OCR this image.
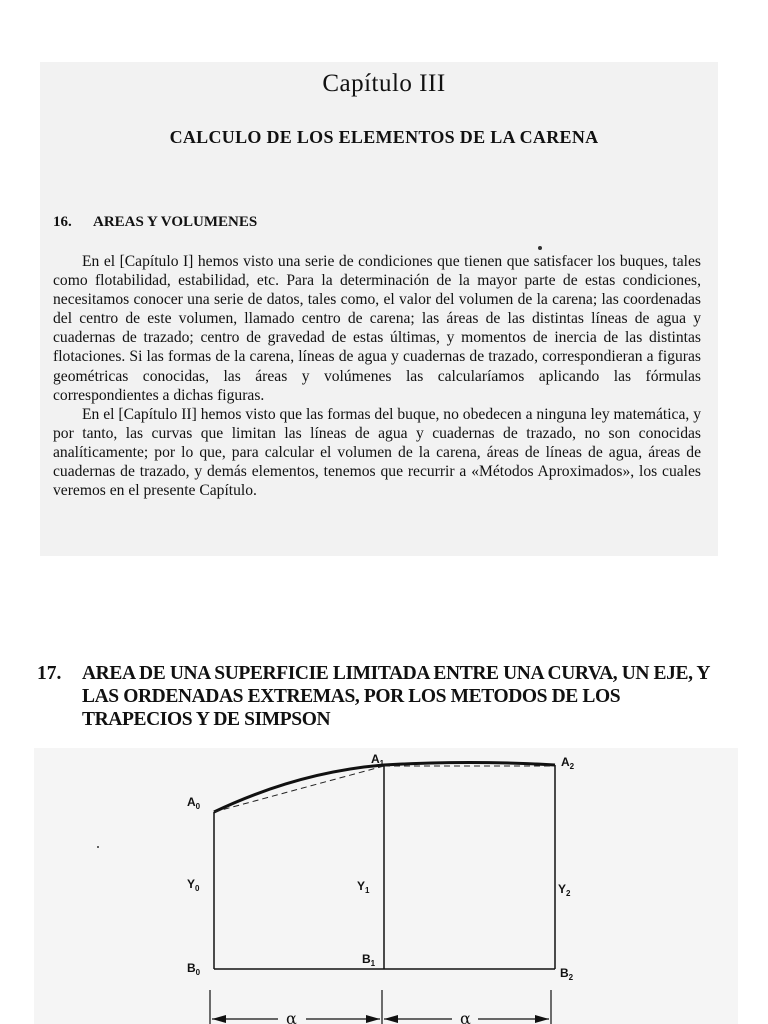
Capítulo III
CALCULO DE LOS ELEMENTOS DE LA CARENA
16. AREAS Y VOLUMENES

En el [Capítulo I] hemos visto una serie de condiciones que tienen que satisfacer los buques, tales como flotabilidad, estabilidad, etc. Para la determinación de la mayor parte de estas condiciones, necesitamos conocer una serie de datos, tales como, el valor del volumen de la carena; las coordenadas del centro de este volumen, llamado centro de carena; las áreas de las distintas líneas de agua y cuadernas de trazado; centro de gravedad de estas últimas, y momentos de inercia de las distintas flotaciones. Si las formas de la carena, líneas de agua y cuadernas de trazado, correspondieran a figuras geométricas conocidas, las áreas y volúmenes las calcularíamos aplicando las fórmulas correspondientes a dichas figuras.

En el [Capítulo II] hemos visto que las formas del buque, no obedecen a ninguna ley matemática, y por tanto, las curvas que limitan las líneas de agua y cuadernas de trazado, no son conocidas analíticamente; por lo que, para calcular el volumen de la carena, áreas de líneas de agua, áreas de cuadernas de trazado, y demás elementos, tenemos que recurrir a «Métodos Aproximados», los cuales veremos en el presente Capítulo.

17. AREA DE UNA SUPERFICIE LIMITADA ENTRE UNA CURVA, UN EJE, Y LAS ORDENADAS EXTREMAS, POR LOS METODOS DE LOS TRAPECIOS Y DE SIMPSON
α	α
$A_0$
$A_1$	$A_2$
$Y_0$	$Y_1$	$Y_2$
$B_0$
$B_1$
$B_2$
